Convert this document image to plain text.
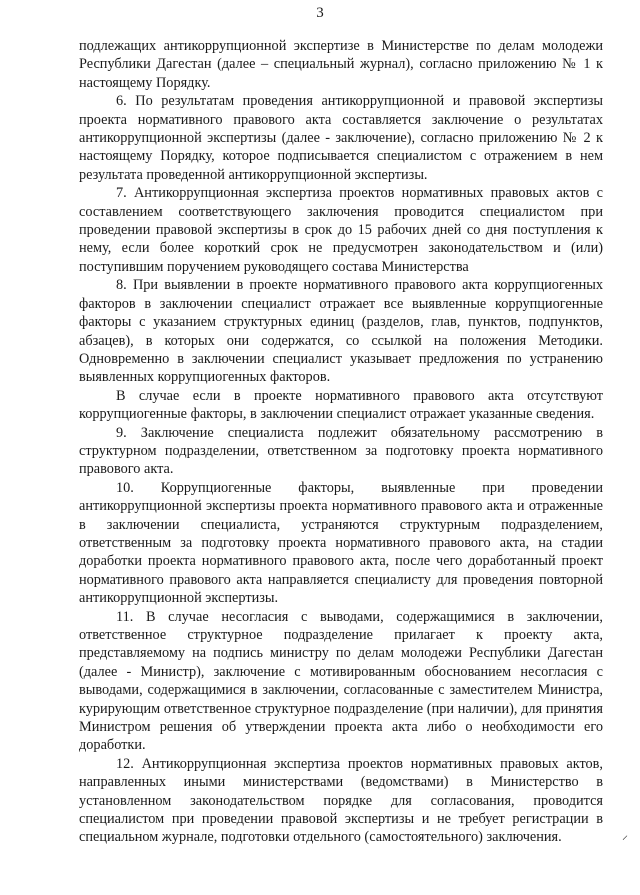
3

подлежащих антикоррупционной экспертизе в Министерстве по делам молодежи Республики Дагестан (далее – специальный журнал), согласно приложению № 1 к настоящему Порядку.

6. По результатам проведения антикоррупционной и правовой экспертизы проекта нормативного правового акта составляется заключение о результатах антикоррупционной экспертизы (далее - заключение), согласно приложению № 2 к настоящему Порядку, которое подписывается специалистом с отражением в нем результата проведенной антикоррупционной экспертизы.

7. Антикоррупционная экспертиза проектов нормативных правовых актов с составлением соответствующего заключения проводится специалистом при проведении правовой экспертизы в срок до 15 рабочих дней со дня поступления к нему, если более короткий срок не предусмотрен законодательством и (или) поступившим поручением руководящего состава Министерства

8. При выявлении в проекте нормативного правового акта коррупциогенных факторов в заключении специалист отражает все выявленные коррупциогенные факторы с указанием структурных единиц (разделов, глав, пунктов, подпунктов, абзацев), в которых они содержатся, со ссылкой на положения Методики. Одновременно в заключении специалист указывает предложения по устранению выявленных коррупциогенных факторов.

В случае если в проекте нормативного правового акта отсутствуют коррупциогенные факторы, в заключении специалист отражает указанные сведения.

9. Заключение специалиста подлежит обязательному рассмотрению в структурном подразделении, ответственном за подготовку проекта нормативного правового акта.

10. Коррупциогенные факторы, выявленные при проведении антикоррупционной экспертизы проекта нормативного правового акта и отраженные в заключении специалиста, устраняются структурным подразделением, ответственным за подготовку проекта нормативного правового акта, на стадии доработки проекта нормативного правового акта, после чего доработанный проект нормативного правового акта направляется специалисту для проведения повторной антикоррупционной экспертизы.

11. В случае несогласия с выводами, содержащимися в заключении, ответственное структурное подразделение прилагает к проекту акта, представляемому на подпись министру по делам молодежи Республики Дагестан (далее - Министр), заключение с мотивированным обоснованием несогласия с выводами, содержащимися в заключении, согласованные с заместителем Министра, курирующим ответственное структурное подразделение (при наличии), для принятия Министром решения об утверждении проекта акта либо о необходимости его доработки.

12. Антикоррупционная экспертиза проектов нормативных правовых актов, направленных иными министерствами (ведомствами) в Министерство в установленном законодательством порядке для согласования, проводится специалистом при проведении правовой экспертизы и не требует регистрации в специальном журнале, подготовки отдельного (самостоятельного) заключения.	⸝
